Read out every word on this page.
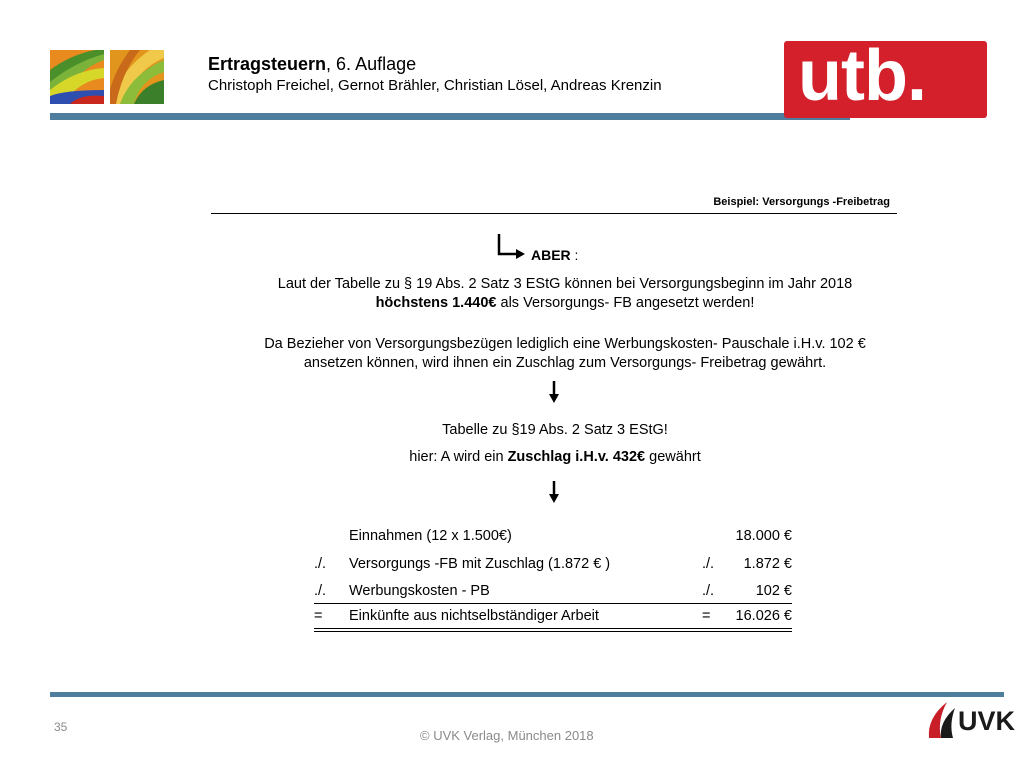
Ertragsteuern, 6. Auflage
Christoph Freichel, Gernot Brähler, Christian Lösel, Andreas Krenzin utb.
Beispiel: Versorgungs -Freibetrag
ABER :
Laut der Tabelle zu § 19 Abs. 2 Satz 3 EStG können bei Versorgungsbeginn im Jahr 2018
höchstens 1.440€ als Versorgungs- FB angesetzt werden!
Da Bezieher von Versorgungsbezügen lediglich eine Werbungskosten- Pauschale i.H.v. 102 €
ansetzen können, wird ihnen ein Zuschlag zum Versorgungs- Freibetrag gewährt.
Tabelle zu §19 Abs. 2 Satz 3 EStG!
hier: A wird ein Zuschlag i.H.v. 432€ gewährt
Einnahmen (12 x 1.500€)	18.000 €
./. Versorgungs -FB mit Zuschlag (1.872 € )	./. 1.872 €
./. Werbungskosten - PB	./.	102 €
= Einkünfte aus nichtselbständiger Arbeit	= 16.026 €
35
© UVK Verlag, München 2018	UVK
